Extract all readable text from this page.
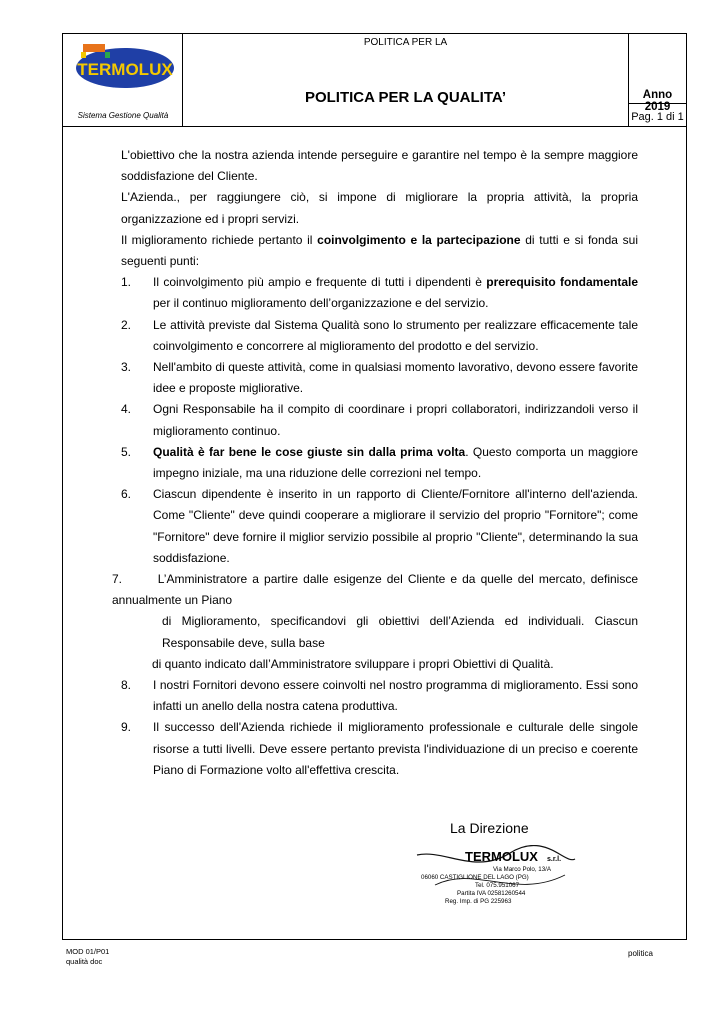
TERMOLUX
Sistema Gestione Qualità
POLITICA PER LA
POLITICA PER LA QUALITA’	Anno 2019
Pag. 1 di 1

L'obiettivo che la nostra azienda intende perseguire e garantire nel tempo è la sempre maggiore soddisfazione del Cliente.

L'Azienda., per raggiungere ciò, si impone di migliorare la propria attività, la propria organizzazione ed i propri servizi.

Il miglioramento richiede pertanto il coinvolgimento e la partecipazione di tutti e si fonda sui seguenti punti:

1. Il coinvolgimento più ampio e frequente di tutti i dipendenti è prerequisito fondamentale per il continuo miglioramento dell’organizzazione e del servizio.
2. Le attività previste dal Sistema Qualità sono lo strumento per realizzare efficacemente tale coinvolgimento e concorrere al miglioramento del prodotto e del servizio.
3. Nell'ambito di queste attività, come in qualsiasi momento lavorativo, devono essere favorite idee e proposte migliorative.
4. Ogni Responsabile ha il compito di coordinare i propri collaboratori, indirizzandoli verso il miglioramento continuo.
5. Qualità è far bene le cose giuste sin dalla prima volta. Questo comporta un maggiore impegno iniziale, ma una riduzione delle correzioni nel tempo.
6. Ciascun dipendente è inserito in un rapporto di Cliente/Fornitore all'interno dell'azienda. Come "Cliente" deve quindi cooperare a migliorare il servizio del proprio "Fornitore"; come "Fornitore" deve fornire il miglior servizio possibile al proprio "Cliente", determinando la sua soddisfazione.
7.	L’Amministratore a partire dalle esigenze del Cliente e da quelle del mercato, definisce annualmente un Piano
di Miglioramento, specificandovi gli obiettivi dell’Azienda ed individuali. Ciascun Responsabile deve, sulla base
di quanto indicato dall’Amministratore sviluppare i propri Obiettivi di Qualità.
8. I nostri Fornitori devono essere coinvolti nel nostro programma di miglioramento. Essi sono infatti un anello della nostra catena produttiva.
9. Il successo dell'Azienda richiede il miglioramento professionale e culturale delle singole risorse a tutti livelli. Deve essere pertanto prevista l'individuazione di un preciso e coerente Piano di Formazione volto all'effettiva crescita.
La Direzione
TERMOLUX s.r.l.
Via Marco Polo, 13/A
06060 CASTIGLIONE DEL LAGO (PG)
Tel. 075.951067
Partita IVA 02581260544
Reg. Imp. di PG 225963
MOD 01/P01
qualità doc
politica
